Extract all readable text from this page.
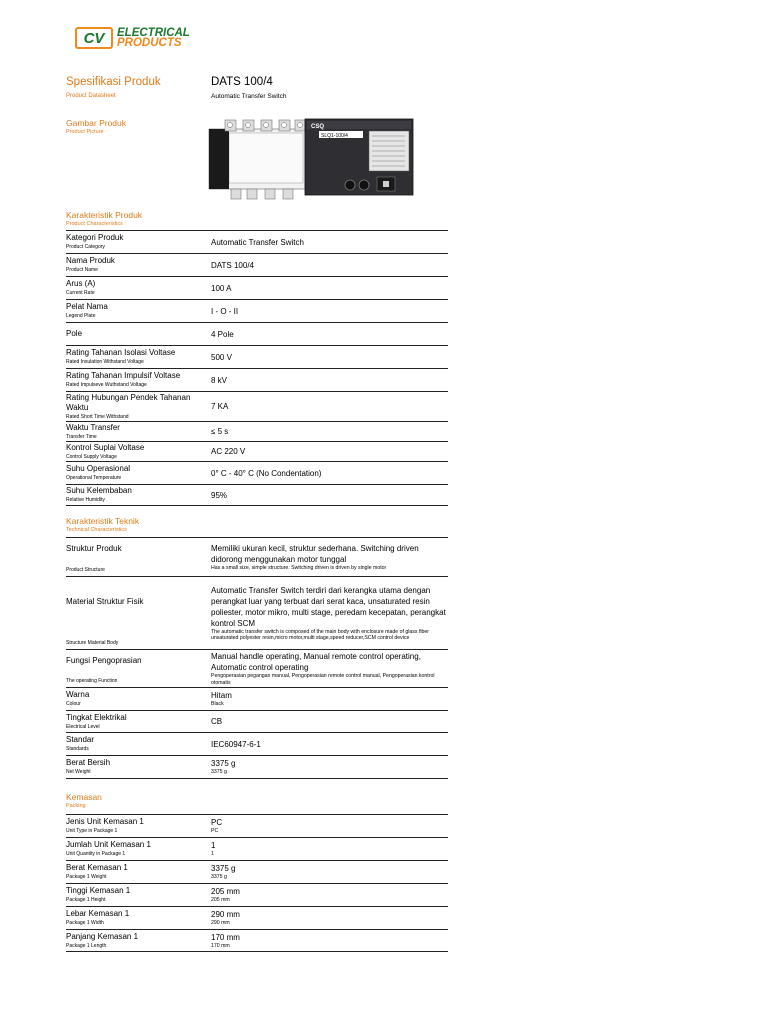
CV	ELECTRICAL
PRODUCTS
Spesifikasi Produk
Product Datasheet
DATS 100/4
Automatic Transfer Switch
Gambar Produk
Product Picture
CSQ
SLQ1-100/4
Karakteristik Produk
Product Characteristics
Kategori Produk
Product Category	Automatic Transfer Switch

Nama Produk
Product Name	DATS 100/4

Arus (A)
Current Rate	100 A

Pelat Nama
Legend Plate	I - O - II

Pole	4 Pole

Rating Tahanan Isolasi Voltase
Rated Insulation Withstand Voltage	500 V

Rating Tahanan Impulsif Voltase
Rated Impulseve Wuthstand Voltage	8 kV

Rating Hubungan Pendek Tahanan Waktu
Rated Short Time Withstand	7 KA

Waktu Transfer
Transfer Time	≤ 5 s

Kontrol Suplai Voltase
Control Supply Voltage	AC 220 V

Suhu Operasional
Operational Temperature	0° C - 40° C (No Condentation)

Suhu Kelembaban
Relative Humidity	95%
Karakteristik Teknik
Technical Characteristics
Struktur Produk
Product Structure	Memiliki ukuran kecil, struktur sederhana. Switching driven didorong menggunakan motor tunggal
Has a small size, simple structure. Switching driven is driven by single motor

Material Struktur Fisik
Structure Material Body	Automatic Transfer Switch terdiri dari kerangka utama dengan perangkat luar yang terbuat dari serat kaca, unsaturated resin poliester, motor mikro, multi stage, peredam kecepatan, perangkat kontrol SCM
The automatic transfer switch is composed of the main body with enclosure made of glass fiber unsaturated polyester resin,micro motor,multi stage,speed reducer,SCM control device

Fungsi Pengoprasian
The operating Function	Manual handle operating, Manual remote control operating, Automatic control operating
Pengoperasian pegangan manual, Pengoperasian remote control manual, Pengoperasian kontrol otomatis

Warna
Colour	Hitam
Black

Tingkat Elektrikal
Electrical Level	CB

Standar
Standards	IEC60947-6-1

Berat Bersih
Net Weight	3375 g
3375 g
Kemasan
Packing
Jenis Unit Kemasan 1
Unit Type in Package 1	PC
PC

Jumlah Unit Kemasan 1
Unit Quantity in Package 1	1
1

Berat Kemasan 1
Package 1 Weight	3375 g
3375 g

Tinggi Kemasan 1
Package 1 Height	205 mm
205 mm

Lebar Kemasan 1
Package 1 Width	290 mm
290 mm

Panjang Kemasan 1
Package 1 Length	170 mm
170 mm
